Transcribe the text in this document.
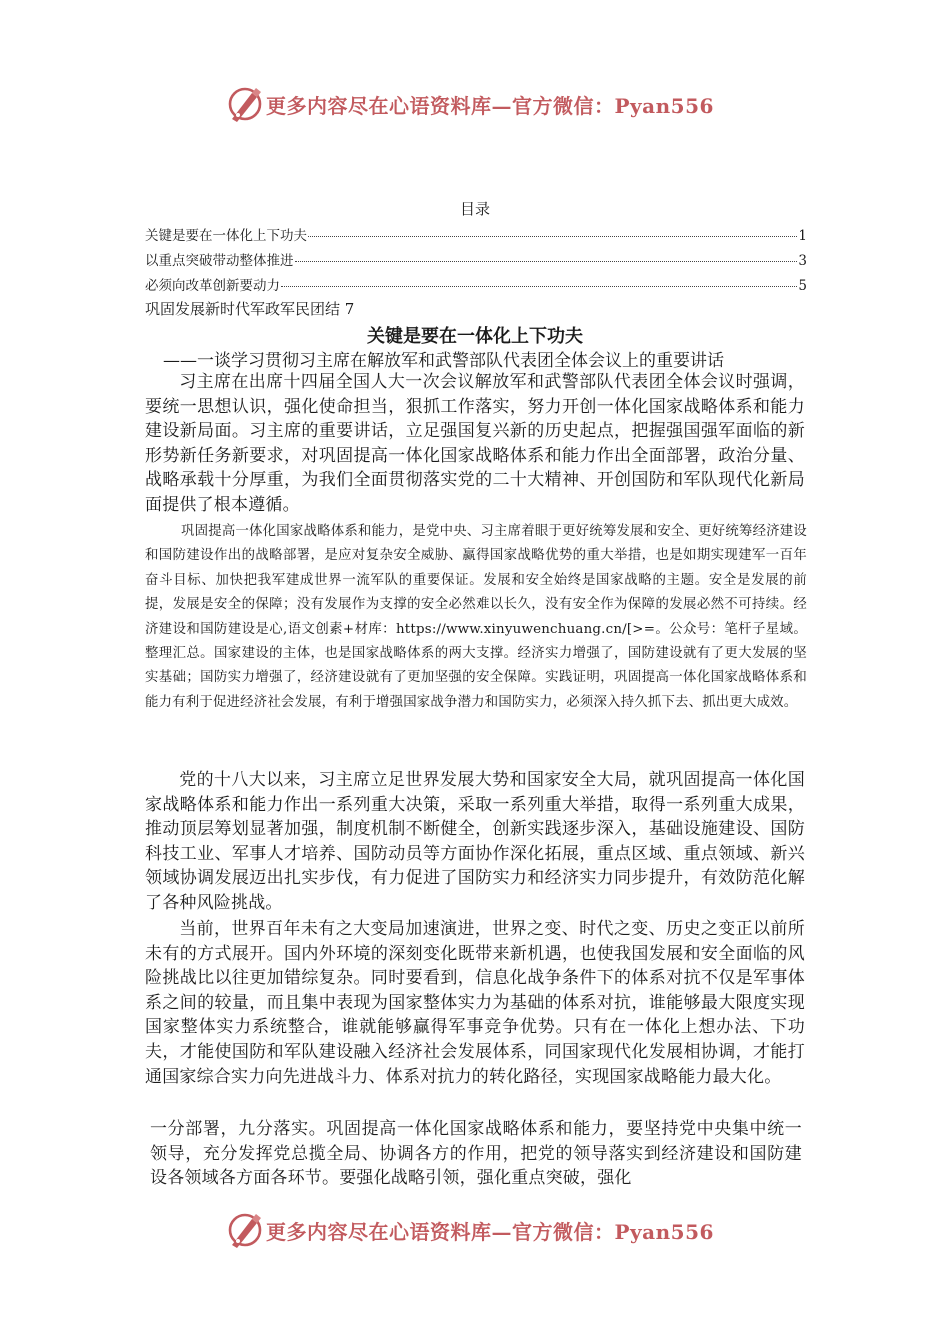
更多内容尽在心语资料库—官方微信：Pyan556
目录
关键是要在一体化上下功夫	1
以重点突破带动整体推进	3
必须向改革创新要动力	5
巩固发展新时代军政军民团结 7
关键是要在一体化上下功夫
——一谈学习贯彻习主席在解放军和武警部队代表团全体会议上的重要讲话
习主席在出席十四届全国人大一次会议解放军和武警部队代表团全体会议时强调，要统一思想认识，强化使命担当，狠抓工作落实，努力开创一体化国家战略体系和能力建设新局面。习主席的重要讲话，立足强国复兴新的历史起点，把握强国强军面临的新形势新任务新要求，对巩固提高一体化国家战略体系和能力作出全面部署，政治分量、战略承载十分厚重，为我们全面贯彻落实党的二十大精神、开创国防和军队现代化新局面提供了根本遵循。
巩固提高一体化国家战略体系和能力，是党中央、习主席着眼于更好统筹发展和安全、更好统筹经济建设和国防建设作出的战略部署，是应对复杂安全威胁、赢得国家战略优势的重大举措，也是如期实现建军一百年奋斗目标、加快把我军建成世界一流军队的重要保证。发展和安全始终是国家战略的主题。安全是发展的前提，发展是安全的保障；没有发展作为支撑的安全必然难以长久，没有安全作为保障的发展必然不可持续。经济建设和国防建设是心,语文创素+材库：https://www.xinyuwenchuang.cn/[>=。公众号：笔杆子星域。整理汇总。国家建设的主体，也是国家战略体系的两大支撑。经济实力增强了，国防建设就有了更大发展的坚实基础；国防实力增强了，经济建设就有了更加坚强的安全保障。实践证明，巩固提高一体化国家战略体系和能力有利于促进经济社会发展，有利于增强国家战争潜力和国防实力，必须深入持久抓下去、抓出更大成效。
党的十八大以来，习主席立足世界发展大势和国家安全大局，就巩固提高一体化国家战略体系和能力作出一系列重大决策，采取一系列重大举措，取得一系列重大成果，推动顶层筹划显著加强，制度机制不断健全，创新实践逐步深入，基础设施建设、国防科技工业、军事人才培养、国防动员等方面协作深化拓展，重点区域、重点领域、新兴领域协调发展迈出扎实步伐，有力促进了国防实力和经济实力同步提升，有效防范化解了各种风险挑战。
当前，世界百年未有之大变局加速演进，世界之变、时代之变、历史之变正以前所未有的方式展开。国内外环境的深刻变化既带来新机遇，也使我国发展和安全面临的风险挑战比以往更加错综复杂。同时要看到，信息化战争条件下的体系对抗不仅是军事体系之间的较量，而且集中表现为国家整体实力为基础的体系对抗，谁能够最大限度实现国家整体实力系统整合，谁就能够赢得军事竞争优势。只有在一体化上想办法、下功夫，才能使国防和军队建设融入经济社会发展体系，同国家现代化发展相协调，才能打通国家综合实力向先进战斗力、体系对抗力的转化路径，实现国家战略能力最大化。
一分部署，九分落实。巩固提高一体化国家战略体系和能力，要坚持党中央集中统一领导，充分发挥党总揽全局、协调各方的作用，把党的领导落实到经济建设和国防建设各领域各方面各环节。要强化战略引领，强化重点突破，强化
更多内容尽在心语资料库—官方微信：Pyan556
